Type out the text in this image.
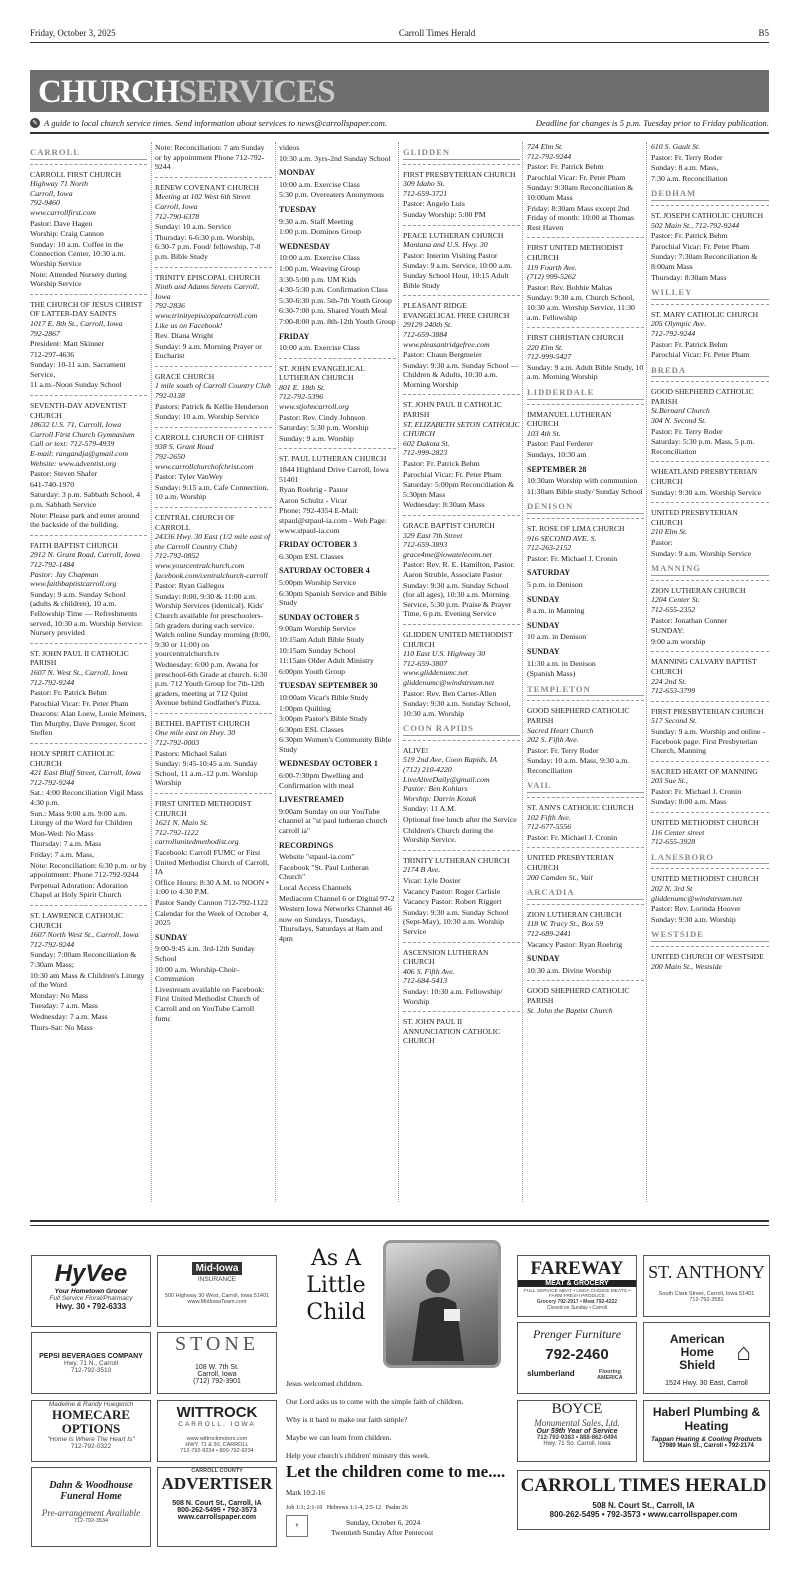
Friday, October 3, 2025	Carroll Times Herald	B5
CHURCHSERVICES
✎ A guide to local church service times. Send information about services to news@carrollspaper.com.	Deadline for changes is 5 p.m. Tuesday prior to Friday publication.
CARROLL
CARROLL FIRST CHURCH
Highway 71 North
Carroll, Iowa
792-9460
www.carrollfirst.com

Pastor: Dave Hagen

Worship: Craig Cannon

Sunday: 10 a.m. Coffee in the Connection Center, 10:30 a.m. Worship Service

Note: Attended Nursery during Worship Service

THE CHURCH OF JESUS CHRIST OF LATTER-DAY SAINTS
1017 E. 8th St., Carroll, Iowa
792-2867

President: Matt Skinner

712-297-4636

Sunday: 10-11 a.m. Sacrament Service,

11 a.m.-Noon Sunday School

SEVENTH-DAY ADVENTIST CHURCH
18632 U.S. 71, Carroll, Iowa
Carroll First Church Gymnasium
Call or text: 712-579-4939
E-mail: rangandja@gmail.com
Website: www.adventist.org

Pastor: Steven Shafer

641-740-1970

Saturday: 3 p.m. Sabbath School, 4 p.m. Sabbath Service

Note: Please park and enter around the backside of the building.

FAITH BAPTIST CHURCH
2912 N. Grant Road, Carroll, Iowa
712-792-1484
Pastor: Jay Chapman
www.faithbaptistcarroll.org

Sunday: 9 a.m. Sunday School (adults & children), 10 a.m. Fellowship Time — Refreshments served, 10:30 a.m. Worship Service: Nursery provided

ST. JOHN PAUL II CATHOLIC PARISH
1607 N. West St., Carroll, Iowa
712-792-9244

Pastor: Fr. Patrick Behm

Parochial Vicar: Fr. Peter Pham

Deacons: Alan Loew, Louie Meiners, Tim Murphy, Dave Prenger, Scott Steffen

HOLY SPIRIT CATHOLIC CHURCH
421 East Bluff Street, Carroll, Iowa
712-792-9244

Sat.: 4:00 Reconciliation Vigil Mass 4:30 p.m.

Sun.: Mass 9:00 a.m. 9:00 a.m. Liturgy of the Word for Children

Mon-Wed: No Mass

Thursday: 7 a.m. Mass

Friday: 7 a.m. Mass,

Note: Reconciliation: 6:30 p.m. or by appointment: Phone 712-792-9244

Perpetual Adoration: Adoration Chapel at Holy Spirit Church

ST. LAWRENCE CATHOLIC CHURCH
1607 North West St., Carroll, Iowa
712-792-9244

Sunday: 7:00am Reconciliation & 7:30am Mass;

10:30 am Mass & Children's Liturgy of the Word

Monday: No Mass

Tuesday: 7 a.m. Mass

Wednesday: 7 a.m. Mass

Thurs-Sat: No Mass

Note: Reconciliation: 7 am Sunday or by appointment Phone 712-792-9244

RENEW COVENANT CHURCH
Meeting at 102 West 6th Street Carroll, Iowa
712-790-6378

Sunday: 10 a.m. Service

Thursday: 6-6:30 p.m. Worship, 6:30-7 p.m. Food/ fellowship, 7-8 p.m. Bible Study

TRINITY EPISCOPAL CHURCH
Ninth and Adams Streets Carroll, Iowa
792-2836
www.trinityepiscopalcarroll.com
Like us on Facebook!

Rev. Diana Wright

Sunday: 9 a.m. Morning Prayer or Eucharist

GRACE CHURCH
1 mile south of Carroll Country Club
792-0138

Pastors: Patrick & Kellie Henderson

Sunday: 10 a.m. Worship Service

CARROLL CHURCH OF CHRIST
938 S. Grant Road
792-2650
www.carrollchurchofchrist.com

Pastor: Tyler VanWey

Sunday: 9:15 a.m. Cafe Connection, 10 a.m. Worship

CENTRAL CHURCH OF CARROLL
24336 Hwy. 30 East (1/2 mile east of the Carroll Country Club)
712-792-0852
www.yourcentralchurch.com
facebook.com/centralchurch-carroll

Pastor: Ryan Gallegos

Sunday: 8:00, 9:30 & 11:00 a.m. Worship Services (identical). Kids' Church available for preschoolers-5th graders during each service. Watch online Sunday morning (8:00, 9:30 or 11:00) on yourcentralchurch.tv

Wednesday: 6:00 p.m. Awana for preschool-6th Grade at church. 6:30 p.m. 712 Youth Group for 7th-12th graders, meeting at 712 Quint Avenue behind Godfather's Pizza.

BETHEL BAPTIST CHURCH
One mile east on Hwy. 30
712-792-0003

Pastors: Michael Salati

Sunday: 9:45-10:45 a.m. Sunday School, 11 a.m.-12 p.m. Worship Worship

FIRST UNITED METHODIST CHURCH
1621 N. Main St.
712-792-1122
carrollunitedmethodist.org

Facebook: Carroll FUMC or First United Methodist Church of Carroll, IA

Office Hours: 8:30 A.M. to NOON • 1:00 to 4:30 P.M.

Pastor Sandy Cannon 712-792-1122

Calendar for the Week of October 4, 2025

SUNDAY

9:00-9:45 a.m. 3rd-12th Sunday School

10:00 a.m. Worship-Choir-Communion

Livestream available on Facebook: First United Methodist Church of Carroll and on YouTube Carroll fumc

videos

10:30 a.m. 3yrs-2nd Sunday School

MONDAY

10:00 a.m. Exercise Class

5:30 p.m. Overeaters Anonymous

TUESDAY

9:30 a.m. Staff Meeting

1:00 p.m. Dominos Group

WEDNESDAY

10:00 a.m. Exercise Class

1:00 p.m. Weaving Group

3:30-5:00 p.m. UM Kids

4:30-5:30 p.m. Confirmation Class

5:30-6:30 p.m. 5th-7th Youth Group

6:30-7:00 p.m. Shared Youth Meal

7:00-8:00 p.m. 8th-12th Youth Group

FRIDAY

10:00 a.m. Exercise Class

ST. JOHN EVANGELICAL LUTHERAN CHURCH
801 E. 18th St.
712-792-5396
www.stjohncarroll.org

Pastor: Rev. Cindy Johnson

Saturday: 5:30 p.m. Worship

Sunday: 9 a.m. Worship

ST. PAUL LUTHERAN CHURCH

1844 Highland Drive Carroll, Iowa 51401

Ryan Roehrig - Pastor

Aaron Schultz - Vicar

Phone: 792-4354 E-Mail: stpaul@stpaul-ia.com - Web Page: www.stpaul-ia.com

FRIDAY OCTOBER 3

6:30pm ESL Classes

SATURDAY OCTOBER 4

5:00pm Worship Service

6:30pm Spanish Service and Bible Study

SUNDAY OCTOBER 5

9:00am Worship Service

10:15am Adult Bible Study

10:15am Sunday School

11:15am Older Adult Ministry

6:00pm Youth Group

TUESDAY SEPTEMBER 30

10:00am Vicar's Bible Study

1:00pm Quilting

3:00pm Pastor's Bible Study

6:30pm ESL Classes

6:30pm Women's Community Bible Study

WEDNESDAY OCTOBER 1

6:00-7:30pm Dwelling and Confirmation with meal

LIVESTREAMED

9:00am Sunday on our YouTube channel at "st paul lutheran church carroll ia"

RECORDINGS

Website "stpaul-ia.com"

Facebook "St. Paul Lutheran Church"

Local Access Channels

Mediacom Channel 6 or Digital 97-2

Western Iowa Networks Channel 46

now on Sundays, Tuesdays, Thursdays, Saturdays at 8am and 4pm

GLIDDEN
FIRST PRESBYTERIAN CHURCH
309 Idaho St.
712-659-3721

Pastor: Angelo Luis

Sunday Worship: 5:00 PM

PEACE LUTHERAN CHURCH
Montana and U.S. Hwy. 30

Pastor: Interim Visiting Pastor

Sunday: 9 a.m. Service, 10:00 a.m. Sunday School Hour, 10:15 Adult Bible Study

PLEASANT RIDGE EVANGELICAL FREE CHURCH
29129 240th St.
712-659-3884
www.pleasantridgefree.com

Pastor: Chaun Bergmeier

Sunday: 9:30 a.m. Sunday School — Children & Adults, 10:30 a.m. Morning Worship

ST. JOHN PAUL II CATHOLIC PARISH
ST. ELIZABETH SETON CATHOLIC CHURCH
602 Dakota St.
712-999-2823

Pastor: Fr. Patrick Behm

Parochial Vicar: Fr. Peter Pham

Saturday: 5:00pm Reconciliation & 5:30pm Mass

Wednesday: 8:30am Mass

GRACE BAPTIST CHURCH
329 East 7th Street
712-659-3893
grace4me@iowatelecom.net

Pastor: Rev. R. E. Hamilton, Pastor. Aaron Struble, Associate Pastor

Sunday: 9:30 a.m. Sunday School (for all ages), 10:30 a.m. Morning Service, 5:30 p.m. Praise & Prayer Time, 6 p.m. Evening Service

GLIDDEN UNITED METHODIST CHURCH
110 East U.S. Highway 30
712-659-3807
www.gliddenumc.net
gliddenumc@windstream.net

Pastor: Rev. Ben Carter-Allen

Sunday: 9:30 a.m. Sunday School, 10:30 a.m. Worship

COON RAPIDS
ALIVE!
519 2nd Ave, Coon Rapids, IA
(712) 210-4220
LiveAliveDaily@gmail.com
Pastor: Ben Kohlars
Worship: Darrin Kozak

Sunday: 11 A.M.

Optional free lunch after the Service

Children's Church during the Worship Service.

TRINITY LUTHERAN CHURCH
2174 B Ave.

Vicar: Lyle Doster

Vacancy Pastor: Roger Carlisle

Vacancy Pastor: Robert Riggert

Sunday: 9:30 a.m. Sunday School (Sept-May), 10:30 a.m. Worship Service

ASCENSION LUTHERAN CHURCH
406 S. Fifth Ave.
712-684-5413

Sunday: 10:30 a.m. Fellowship/ Worship

ST. JOHN PAUL II ANNUNCIATION CATHOLIC CHURCH
724 Elm St.
712-792-9244

Pastor: Fr. Patrick Behm

Parochial Vicar: Fr. Peter Pham

Sunday: 9:30am Reconciliation & 10:00am Mass

Friday: 8:30am Mass except 2nd Friday of month: 10:00 at Thomas Rest Haven

FIRST UNITED METHODIST CHURCH
119 Fourth Ave.
(712) 999-5262

Pastor: Rev. Bobbie Maltas

Sunday: 9:30 a.m. Church School, 10:30 a.m. Worship Service, 11:30 a.m. Fellowship

FIRST CHRISTIAN CHURCH
220 Elm St.
712-999-5427

Sunday: 9 a.m. Adult Bible Study, 10 a.m. Morning Worship

LIDDERDALE
IMMANUEL LUTHERAN CHURCH
103 4th St.

Pastor: Paul Ferderer

Sundays, 10:30 am

SEPTEMBER 28

10:30am Worship with communion

11:30am Bible study/ Sunday School

DENISON
ST. ROSE OF LIMA CHURCH
916 SECOND AVE. S.
712-263-2152

Pastor: Fr. Michael J. Cronin

SATURDAY

5 p.m. in Denison

SUNDAY

8 a.m. in Manning

SUNDAY

10 a.m. in Denison

SUNDAY

11:30 a.m. in Denison

(Spanish Mass)

TEMPLETON
GOOD SHEPHERD CATHOLIC PARISH
Sacred Heart Church
202 S. Fifth Ave.

Pastor: Fr. Terry Roder

Sunday: 10 a.m. Mass, 9:30 a.m. Reconciliation

VAIL
ST. ANN'S CATHOLIC CHURCH
102 Fifth Ave.
712-677-5556

Pastor: Fr. Michael J. Cronin

UNITED PRESBYTERIAN CHURCH
200 Camden St., Vail
ARCADIA
ZION LUTHERAN CHURCH
118 W. Tracy St., Box 59
712-689-2441

Vacancy Pastor: Ryan Roehrig

SUNDAY

10:30 a.m. Divine Worship

GOOD SHEPHERD CATHOLIC PARISH
St. John the Baptist Church
610 S. Gault St.

Pastor: Fr. Terry Roder

Sunday: 8 a.m. Mass,

7:30 a.m. Reconciliation

DEDHAM
ST. JOSEPH CATHOLIC CHURCH
502 Main St., 712-792-9244

Pastor: Fr. Patrick Behm

Parochial Vicar: Fr. Peter Pham

Sunday: 7:30am Reconciliation & 8:00am Mass

Thursday: 8:30am Mass

WILLEY
ST. MARY CATHOLIC CHURCH
205 Olympic Ave.
712-792-9244

Pastor: Fr. Patrick Behm

Parochial Vicar: Fr. Peter Pham

BREDA
GOOD SHEPHERD CATHOLIC PARISH
St.Bernard Church
304 N. Second St.

Pastor: Fr. Terry Roder

Saturday: 5:30 p.m. Mass, 5 p.m. Reconciliation

WHEATLAND PRESBYTERIAN CHURCH

Sunday: 9:30 a.m. Worship Service

UNITED PRESBYTERIAN CHURCH
210 Elm St.

Pastor:

Sunday: 9 a.m. Worship Service

MANNING
ZION LUTHERAN CHURCH
1204 Center St.
712-655-2352

Pastor: Jonathan Conner

SUNDAY:

9:00 a.m worship

MANNING CALVARY BAPTIST CHURCH
224 2nd St.
712-653-3799
FIRST PRESBYTERIAN CHURCH
517 Second St.

Sunday: 9 a.m. Worship and online - Facebook page: First Presbyterian Church, Manning

SACRED HEART OF MANNING
203 Sue St.,

Pastor: Fr. Michael J. Cronin

Sunday: 8:00 a.m. Mass

UNITED METHODIST CHURCH
116 Center street
712-655-3928
LANESBORO
UNITED METHODIST CHURCH
202 N. 3rd St
gliddenumc@windstream.net

Pastor: Rev. Lorinda Hoover

Sunday: 9:30 a.m. Worship

WESTSIDE
UNITED CHURCH OF WESTSIDE
200 Main St., Westside
HyVee
Your Hometown Grocer
Full Service Floral/Pharmacy
Hwy. 30 • 792-6333
Mid-Iowa
INSURANCE
500 Highway 30 West, Carroll, Iowa 51401
www.MidIowaTeam.com
PEPSI BEVERAGES COMPANY
Hwy. 71 N., Carroll
712-792-3510
STONE
108 W. 7th St.
Carroll, Iowa
(712) 792-3901
Madeline & Randy Huegerich
HOMECARE OPTIONS
"Home Is Where The Heart Is"
712-792-0322
WITTROCK
CARROLL, IOWA
www.wittrockmotors.com
HWY. 71 & 30, CARROLL
712-792-9234 • 800-792-9234
Dahn & Woodhouse Funeral Home
Pre-arrangement Available
712-792-3534
CARROLL COUNTY
ADVERTISER
508 N. Court St., Carroll, IA
800-262-5495 • 792-3573
www.carrollspaper.com
As A Little Child
Jesus welcomed children.
Our Lord asks us to come with the simple faith of children.
Why is it hard to make our faith simple?
Maybe we can learn from children.
Help your church's children' ministry this week.
Let the children come to me.... Mark 10:2-16
Job 1:1; 2:1-10   Hebrews 1:1-4, 2:5-12   Psalm 26
✝	Sunday, October 6, 2024
Twentieth Sunday After Pentecost
FAREWAY
MEAT & GROCERY
FULL SERVICE MEAT • USDA CHOICE MEATS • FARM FRESH PRODUCE
Grocery 792-2917 • Meat 792-4222
Closed on Sunday • Carroll
ST. ANTHONY
South Clark Street, Carroll, Iowa 51401
712-792-3581
Prenger Furniture
792-2460
slumberland	Flooring AMERICA
American Home Shield ⌂
1524 Hwy. 30 East, Carroll
BOYCE
Monumental Sales, Ltd.
Our 59th Year of Service
712-792-9383 • 888-862-0494
Hwy. 71 So. Carroll, Iowa
Haberl Plumbing & Heating
Tappan Heating & Cooling Products
17989 Main St., Carroll • 792-2174
CARROLL TIMES HERALD
508 N. Court St., Carroll, IA
800-262-5495 • 792-3573 • www.carrollspaper.com
